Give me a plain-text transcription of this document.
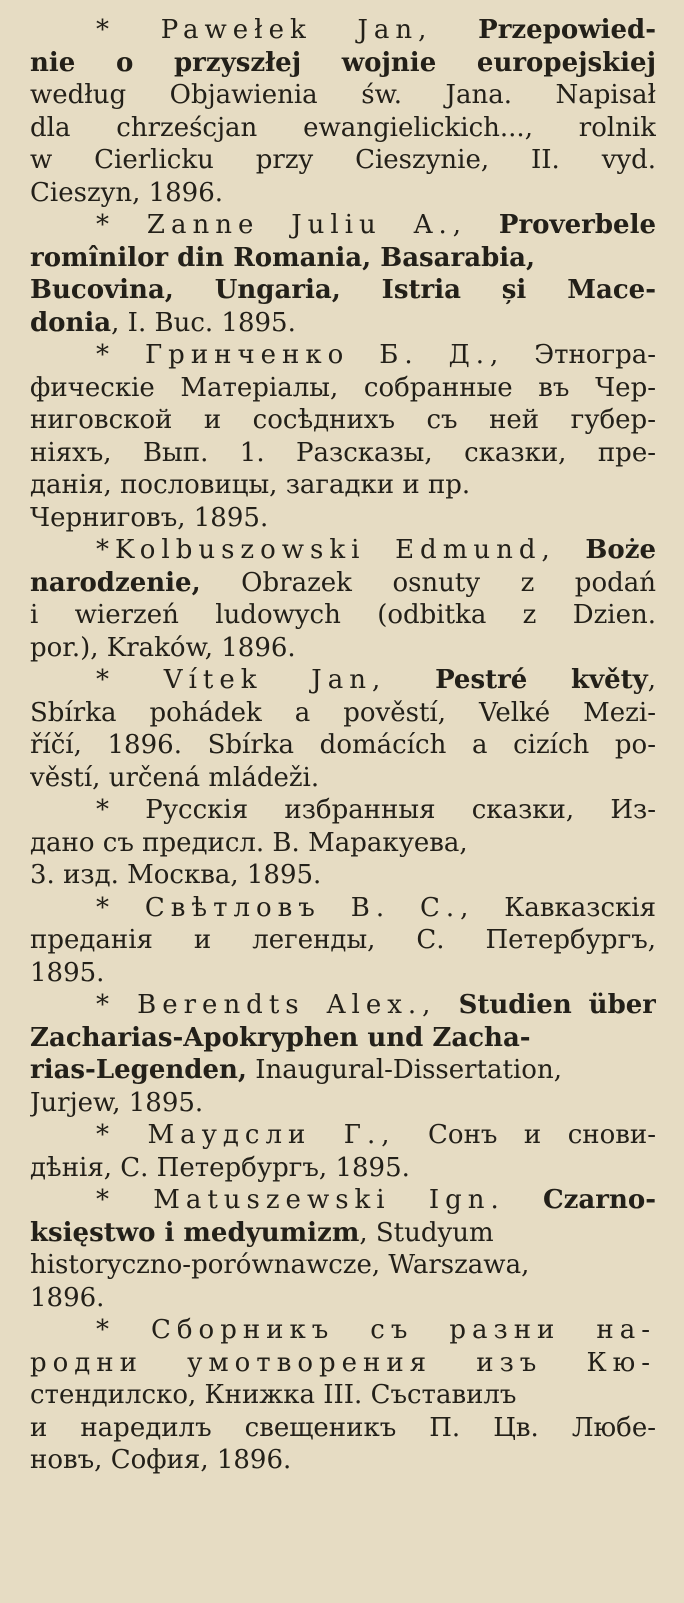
* Pawełek Jan, Przepowied-
nie o przyszłej wojnie europejskiej
według Objawienia św. Jana. Napisał
dla chrześcjan ewangielickich..., rolnik
w Cierlicku przy Cieszynie, II. vyd.
Cieszyn, 1896.
* Zanne Juliu A., Proverbele
romînilor din Romania, Basarabia,
Bucovina, Ungaria, Istria și Mace-
donia, I. Buc. 1895.
* Гринченко Б. Д., Этногра-
фическіе Матеріалы, собранные въ Чер-
ниговской и сосѣднихъ съ ней губер-
ніяхъ, Вып. 1. Разсказы, сказки, пре-
данія, пословицы, загадки и пр.
Черниговъ, 1895.
*Kolbuszowski Edmund, Boże
narodzenie, Obrazek osnuty z podań
i wierzeń ludowych (odbitka z Dzien.
por.), Kraków, 1896.
* Vítek Jan, Pestré květy,
Sbírka pohádek a pověstí, Velké Mezi-
říčí, 1896. Sbírka domácích a cizích po-
věstí, určená mládeži.
* Русскія избранныя сказки, Из-
дано съ предисл. В. Маракуева,
3. изд. Москва, 1895.
* Свѣтловъ В. С., Кавказскія
преданія и легенды, С. Петербургъ,
1895.
* Berendts Alex., Studien über
Zacharias-Apokryphen und Zacha-
rias-Legenden, Inaugural-Dissertation,
Jurjew, 1895.
* Маудсли Г., Сонъ и снови-
дѣнія, С. Петербургъ, 1895.
* Matuszewski Ign. Czarno-
księstwo i medyumizm, Studyum
historyczno-porównawcze, Warszawa,
1896.
* Сборникъ съ разни на-
родни умотворения изъ Кю-
стендилско, Книжка III. Съставилъ
и наредилъ свещеникъ П. Цв. Любе-
новъ, София, 1896.
